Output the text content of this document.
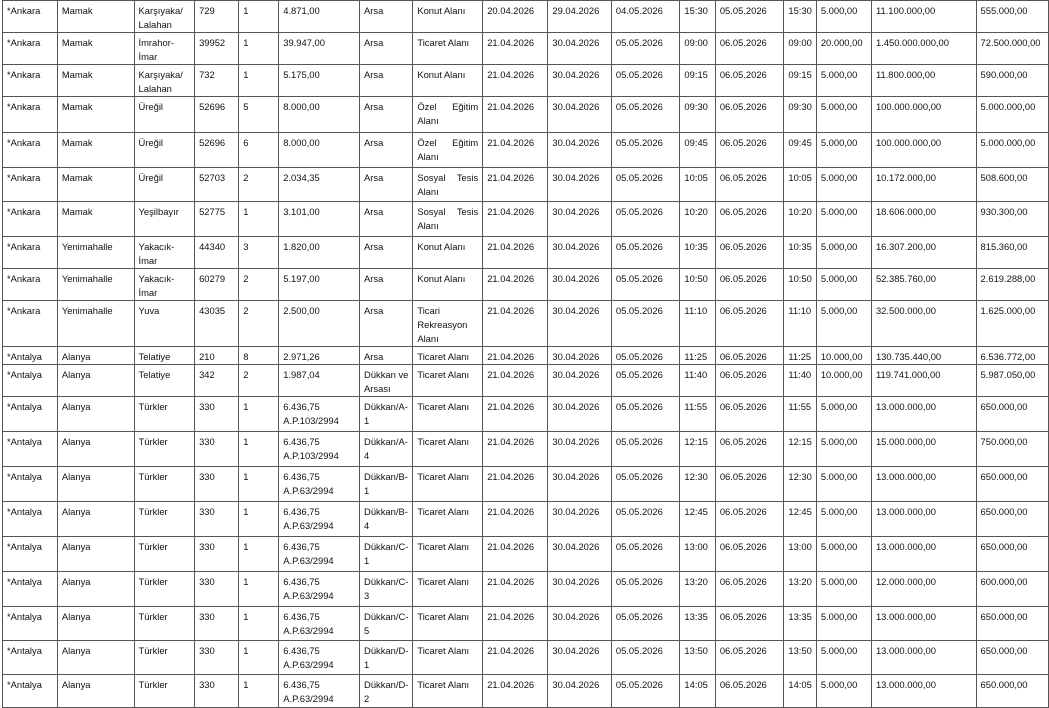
*Ankara	Mamak	Karşıyaka/ Lalahan	729	1	4.871,00	Arsa	Konut Alanı	20.04.2026	29.04.2026	04.05.2026	15:30	05.05.2026	15:30	5.000,00	11.100.000,00	555.000,00
*Ankara	Mamak	İmrahor-İmar	39952	1	39.947,00	Arsa	Ticaret Alanı	21.04.2026	30.04.2026	05.05.2026	09:00	06.05.2026	09:00	20.000,00	1.450.000.000,00	72.500.000,00
*Ankara	Mamak	Karşıyaka/ Lalahan	732	1	5.175,00	Arsa	Konut Alanı	21.04.2026	30.04.2026	05.05.2026	09:15	06.05.2026	09:15	5.000,00	11.800.000,00	590.000,00
*Ankara	Mamak	Üreğil	52696	5	8.000,00	Arsa	Özel Eğitim Alanı	21.04.2026	30.04.2026	05.05.2026	09:30	06.05.2026	09:30	5.000,00	100.000.000,00	5.000.000,00
*Ankara	Mamak	Üreğil	52696	6	8.000,00	Arsa	Özel Eğitim Alanı	21.04.2026	30.04.2026	05.05.2026	09:45	06.05.2026	09:45	5.000,00	100.000.000,00	5.000.000,00
*Ankara	Mamak	Üreğil	52703	2	2.034,35	Arsa	Sosyal Tesis Alanı	21.04.2026	30.04.2026	05.05.2026	10:05	06.05.2026	10:05	5.000,00	10.172.000,00	508.600,00
*Ankara	Mamak	Yeşilbayır	52775	1	3.101,00	Arsa	Sosyal Tesis Alanı	21.04.2026	30.04.2026	05.05.2026	10:20	06.05.2026	10:20	5.000,00	18.606.000,00	930.300,00
*Ankara	Yenimahalle	Yakacık-İmar	44340	3	1.820,00	Arsa	Konut Alanı	21.04.2026	30.04.2026	05.05.2026	10:35	06.05.2026	10:35	5.000,00	16.307.200,00	815.360,00
*Ankara	Yenimahalle	Yakacık-İmar	60279	2	5.197,00	Arsa	Konut Alanı	21.04.2026	30.04.2026	05.05.2026	10:50	06.05.2026	10:50	5.000,00	52.385.760,00	2.619.288,00
*Ankara	Yenimahalle	Yuva	43035	2	2.500,00	Arsa	Ticari Rekreasyon Alanı	21.04.2026	30.04.2026	05.05.2026	11:10	06.05.2026	11:10	5.000,00	32.500.000,00	1.625.000,00
*Antalya	Alanya	Telatiye	210	8	2.971,26	Arsa	Ticaret Alanı	21.04.2026	30.04.2026	05.05.2026	11:25	06.05.2026	11:25	10.000,00	130.735.440,00	6.536.772,00
*Antalya	Alanya	Telatiye	342	2	1.987,04	Dükkan ve Arsası	Ticaret Alanı	21.04.2026	30.04.2026	05.05.2026	11:40	06.05.2026	11:40	10.000,00	119.741.000,00	5.987.050,00
*Antalya	Alanya	Türkler	330	1	6.436,75 A.P.103/2994	Dükkan/A-1	Ticaret Alanı	21.04.2026	30.04.2026	05.05.2026	11:55	06.05.2026	11:55	5.000,00	13.000.000,00	650.000,00
*Antalya	Alanya	Türkler	330	1	6.436,75 A.P.103/2994	Dükkan/A-4	Ticaret Alanı	21.04.2026	30.04.2026	05.05.2026	12:15	06.05.2026	12:15	5.000,00	15.000.000,00	750.000,00
*Antalya	Alanya	Türkler	330	1	6.436,75 A.P.63/2994	Dükkan/B-1	Ticaret Alanı	21.04.2026	30.04.2026	05.05.2026	12:30	06.05.2026	12:30	5.000,00	13.000.000,00	650.000,00
*Antalya	Alanya	Türkler	330	1	6.436,75 A.P.63/2994	Dükkan/B-4	Ticaret Alanı	21.04.2026	30.04.2026	05.05.2026	12:45	06.05.2026	12:45	5.000,00	13.000.000,00	650.000,00
*Antalya	Alanya	Türkler	330	1	6.436,75 A.P.63/2994	Dükkan/C-1	Ticaret Alanı	21.04.2026	30.04.2026	05.05.2026	13:00	06.05.2026	13:00	5.000,00	13.000.000,00	650.000,00
*Antalya	Alanya	Türkler	330	1	6.436,75 A.P.63/2994	Dükkan/C-3	Ticaret Alanı	21.04.2026	30.04.2026	05.05.2026	13:20	06.05.2026	13:20	5.000,00	12.000.000,00	600.000,00
*Antalya	Alanya	Türkler	330	1	6.436,75 A.P.63/2994	Dükkan/C-5	Ticaret Alanı	21.04.2026	30.04.2026	05.05.2026	13:35	06.05.2026	13:35	5.000,00	13.000.000,00	650.000,00
*Antalya	Alanya	Türkler	330	1	6.436,75 A.P.63/2994	Dükkan/D-1	Ticaret Alanı	21.04.2026	30.04.2026	05.05.2026	13:50	06.05.2026	13:50	5.000,00	13.000.000,00	650.000,00
*Antalya	Alanya	Türkler	330	1	6.436,75 A.P.63/2994	Dükkan/D-2	Ticaret Alanı	21.04.2026	30.04.2026	05.05.2026	14:05	06.05.2026	14:05	5.000,00	13.000.000,00	650.000,00
